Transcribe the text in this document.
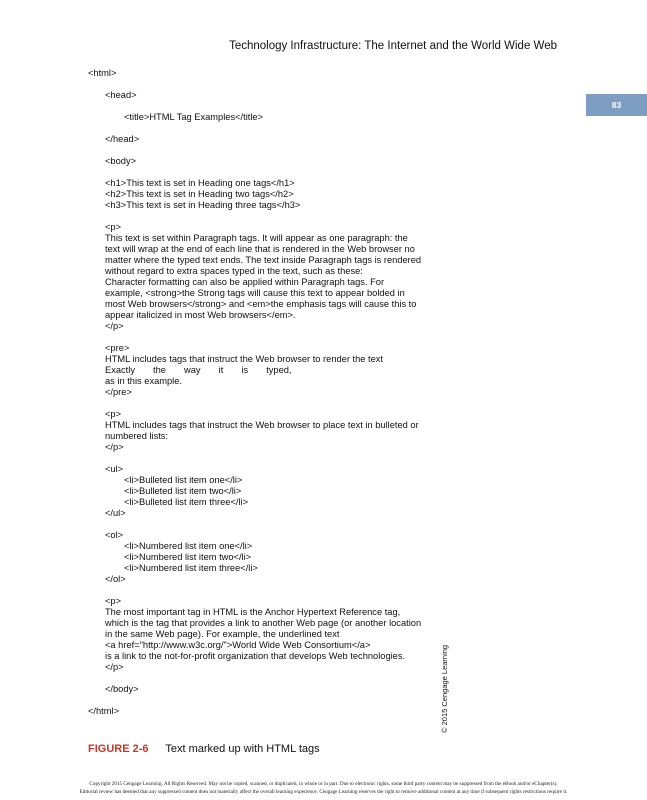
Technology Infrastructure: The Internet and the World Wide Web
83
<html>
<head>
<title>HTML Tag Examples</title>
</head>
<body>
<h1>This text is set in Heading one tags</h1>
<h2>This text is set in Heading two tags</h2>
<h3>This text is set in Heading three tags</h3>
<p>
This text is set within Paragraph tags. It will appear as one paragraph: the
text will wrap at the end of each line that is rendered in the Web browser no
matter where the typed text ends. The text inside Paragraph tags is rendered
without regard to extra spaces typed in the text, such as these:
Character formatting can also be applied within Paragraph tags. For
example, <strong>the Strong tags will cause this text to appear bolded in
most Web browsers</strong> and <em>the emphasis tags will cause this to
appear italicized in most Web browsers</em>.
</p>
<pre>
HTML includes tags that instruct the Web browser to render the text
Exactly       the       way       it       is       typed,
as in this example.
</pre>
<p>
HTML includes tags that instruct the Web browser to place text in bulleted or
numbered lists:
</p>
<ul>
<li>Bulleted list item one</li>
<li>Bulleted list item two</li>
<li>Bulleted list item three</li>
</ul>
<ol>
<li>Numbered list item one</li>
<li>Numbered list item two</li>
<li>Numbered list item three</li>
</ol>
<p>
The most important tag in HTML is the Anchor Hypertext Reference tag,
which is the tag that provides a link to another Web page (or another location
in the same Web page). For example, the underlined text
<a href="http://www.w3c.org/">World Wide Web Consortium</a>
is a link to the not-for-profit organization that develops Web technologies.
</p>
</body>
</html>	© 2015 Cengage Learning
FIGURE 2-6 Text marked up with HTML tags
Copyright 2015 Cengage Learning. All Rights Reserved. May not be copied, scanned, or duplicated, in whole or in part. Due to electronic rights, some third party content may be suppressed from the eBook and/or eChapter(s).
Editorial review has deemed that any suppressed content does not materially affect the overall learning experience. Cengage Learning reserves the right to remove additional content at any time if subsequent rights restrictions require it.
